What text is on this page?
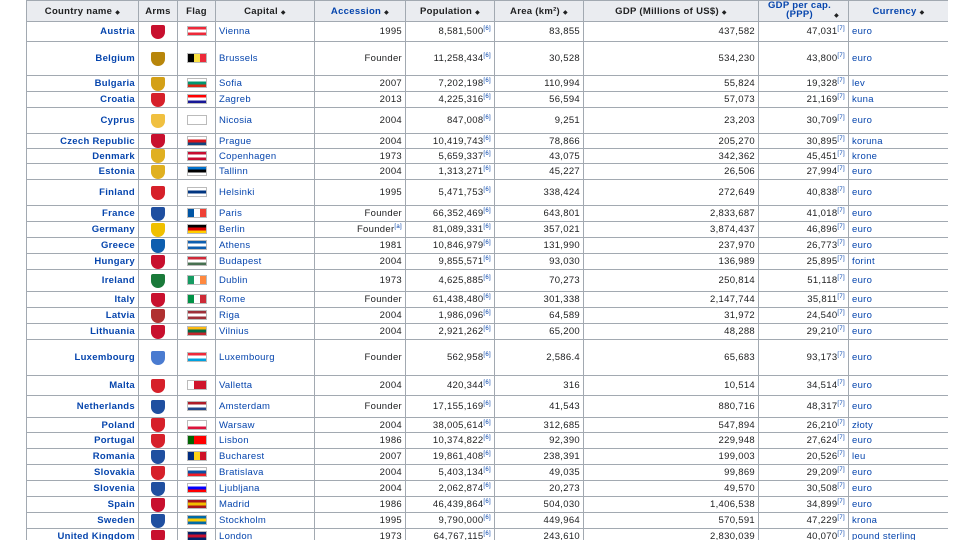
Country name ◆	Arms	Flag	Capital ◆	Accession ◆	Population ◆	Area (km²) ◆	GDP (Millions of US$) ◆	GDP per cap.
(PPP) ◆	Currency ◆
Austria			Vienna	1995	8,581,500[6]	83,855	437,582	47,031[7]	euro
Belgium			Brussels	Founder	11,258,434[6]	30,528	534,230	43,800[7]	euro
Bulgaria			Sofia	2007	7,202,198[6]	110,994	55,824	19,328[7]	lev
Croatia			Zagreb	2013	4,225,316[6]	56,594	57,073	21,169[7]	kuna
Cyprus			Nicosia	2004	847,008[6]	9,251	23,203	30,709[7]	euro
Czech Republic			Prague	2004	10,419,743[6]	78,866	205,270	30,895[7]	koruna
Denmark			Copenhagen	1973	5,659,337[6]	43,075	342,362	45,451[7]	krone
Estonia			Tallinn	2004	1,313,271[6]	45,227	26,506	27,994[7]	euro
Finland			Helsinki	1995	5,471,753[6]	338,424	272,649	40,838[7]	euro
France			Paris	Founder	66,352,469[6]	643,801	2,833,687	41,018[7]	euro
Germany			Berlin	Founder[a]	81,089,331[6]	357,021	3,874,437	46,896[7]	euro
Greece			Athens	1981	10,846,979[6]	131,990	237,970	26,773[7]	euro
Hungary			Budapest	2004	9,855,571[6]	93,030	136,989	25,895[7]	forint
Ireland			Dublin	1973	4,625,885[6]	70,273	250,814	51,118[7]	euro
Italy			Rome	Founder	61,438,480[6]	301,338	2,147,744	35,811[7]	euro
Latvia			Riga	2004	1,986,096[6]	64,589	31,972	24,540[7]	euro
Lithuania			Vilnius	2004	2,921,262[6]	65,200	48,288	29,210[7]	euro
Luxembourg			Luxembourg	Founder	562,958[6]	2,586.4	65,683	93,173[7]	euro
Malta			Valletta	2004	420,344[6]	316	10,514	34,514[7]	euro
Netherlands			Amsterdam	Founder	17,155,169[6]	41,543	880,716	48,317[7]	euro
Poland			Warsaw	2004	38,005,614[6]	312,685	547,894	26,210[7]	złoty
Portugal			Lisbon	1986	10,374,822[6]	92,390	229,948	27,624[7]	euro
Romania			Bucharest	2007	19,861,408[6]	238,391	199,003	20,526[7]	leu
Slovakia			Bratislava	2004	5,403,134[6]	49,035	99,869	29,209[7]	euro
Slovenia			Ljubljana	2004	2,062,874[6]	20,273	49,570	30,508[7]	euro
Spain			Madrid	1986	46,439,864[6]	504,030	1,406,538	34,899[7]	euro
Sweden			Stockholm	1995	9,790,000[6]	449,964	570,591	47,229[7]	krona
United Kingdom			London	1973	64,767,115[6]	243,610	2,830,039	40,070[7]	pound sterling
